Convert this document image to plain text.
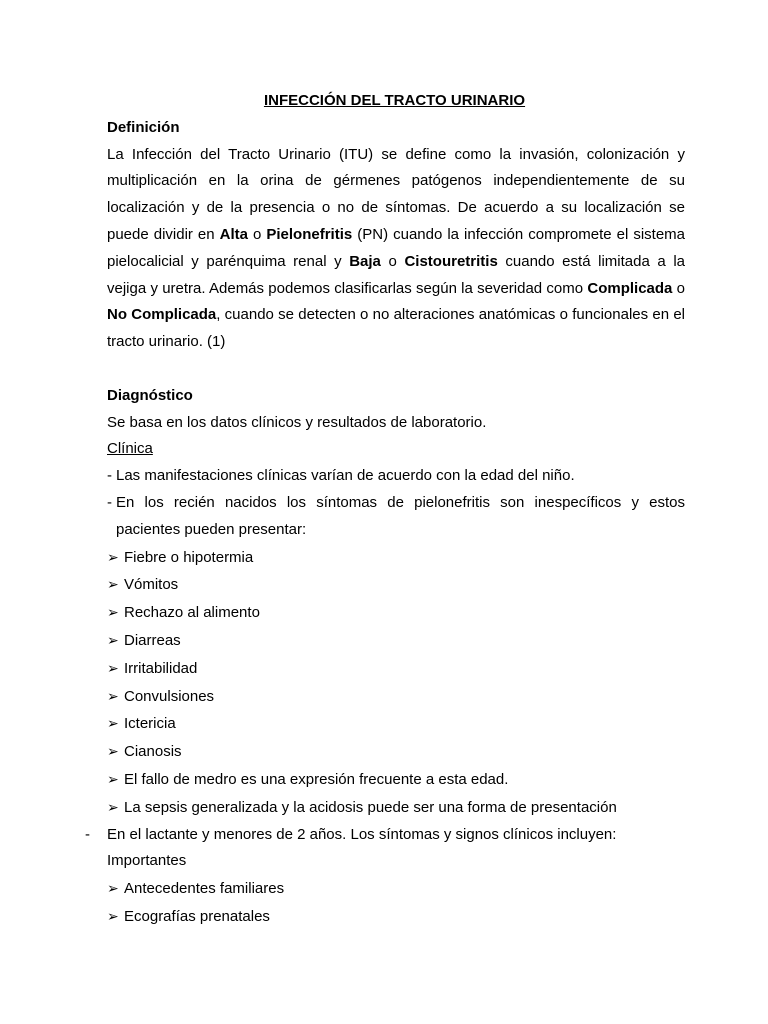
INFECCIÓN DEL TRACTO URINARIO
Definición
La Infección del Tracto Urinario (ITU) se define como la invasión, colonización y multiplicación en la orina de gérmenes patógenos independientemente de su localización y de la presencia o no de síntomas. De acuerdo a su localización se puede dividir en Alta o Pielonefritis (PN) cuando la infección compromete el sistema pielocalicial y parénquima renal y Baja o Cistouretritis cuando está limitada a la vejiga y uretra. Además podemos clasificarlas según la severidad como Complicada o No Complicada, cuando se detecten o no alteraciones anatómicas o funcionales en el tracto urinario. (1)
Diagnóstico
Se basa en los datos clínicos y resultados de laboratorio.
Clínica
- Las manifestaciones clínicas varían de acuerdo con la edad del niño.
- En los recién nacidos los síntomas de pielonefritis son inespecíficos y estos pacientes pueden presentar:
➢ Fiebre o hipotermia
➢ Vómitos
➢ Rechazo al alimento
➢ Diarreas
➢ Irritabilidad
➢ Convulsiones
➢ Ictericia
➢ Cianosis
➢ El fallo de medro es una expresión frecuente a esta edad.
➢ La sepsis generalizada y la acidosis puede ser una forma de presentación
- En el lactante y menores de 2 años. Los síntomas y signos clínicos incluyen:
Importantes
➢ Antecedentes familiares
➢ Ecografías prenatales
